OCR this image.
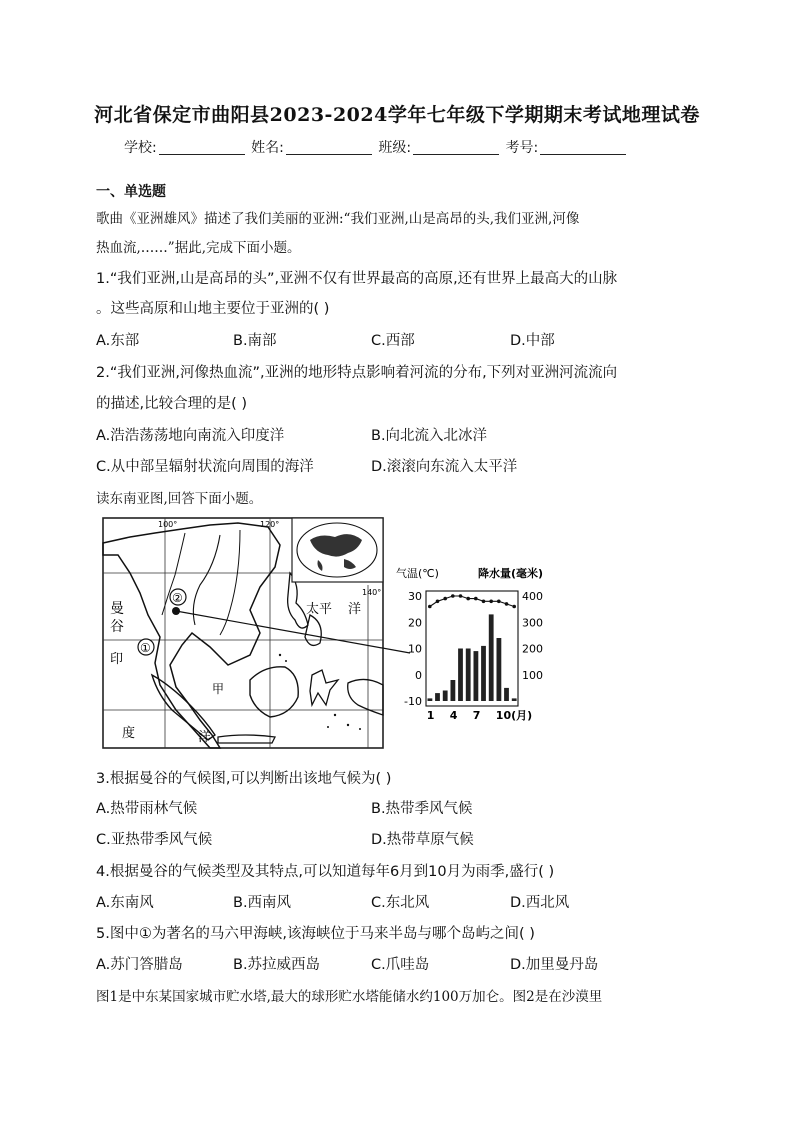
河北省保定市曲阳县2023-2024学年七年级下学期期末考试地理试卷
学校:	姓名:	班级:	考号:
一、单选题
歌曲《亚洲雄风》描述了我们美丽的亚洲:“我们亚洲,山是高昂的头,我们亚洲,河像
热血流,……”据此,完成下面小题。
1.“我们亚洲,山是高昂的头”,亚洲不仅有世界最高的高原,还有世界上最高大的山脉
。这些高原和山地主要位于亚洲的( )
A.东部	B.南部	C.西部	D.中部
2.“我们亚洲,河像热血流”,亚洲的地形特点影响着河流的分布,下列对亚洲河流流向
的描述,比较合理的是( )
A.浩浩荡荡地向南流入印度洋	B.向北流入北冰洋
C.从中部呈辐射状流向周围的海洋	D.滚滚向东流入太平洋
读东南亚图,回答下面小题。
100°	120°
140°
曼
谷
印
度	洋
太平 洋
甲
①
②
气温(℃)	降水量(毫米)
30
20
10
0
-10
400
300
200
100
1 4 7 10(月)
3.根据曼谷的气候图,可以判断出该地气候为( )
A.热带雨林气候	B.热带季风气候
C.亚热带季风气候	D.热带草原气候
4.根据曼谷的气候类型及其特点,可以知道每年6月到10月为雨季,盛行( )
A.东南风	B.西南风	C.东北风	D.西北风
5.图中①为著名的马六甲海峡,该海峡位于马来半岛与哪个岛屿之间( )
A.苏门答腊岛	B.苏拉威西岛	C.爪哇岛	D.加里曼丹岛
图1是中东某国家城市贮水塔,最大的球形贮水塔能储水约100万加仑。图2是在沙漠里
